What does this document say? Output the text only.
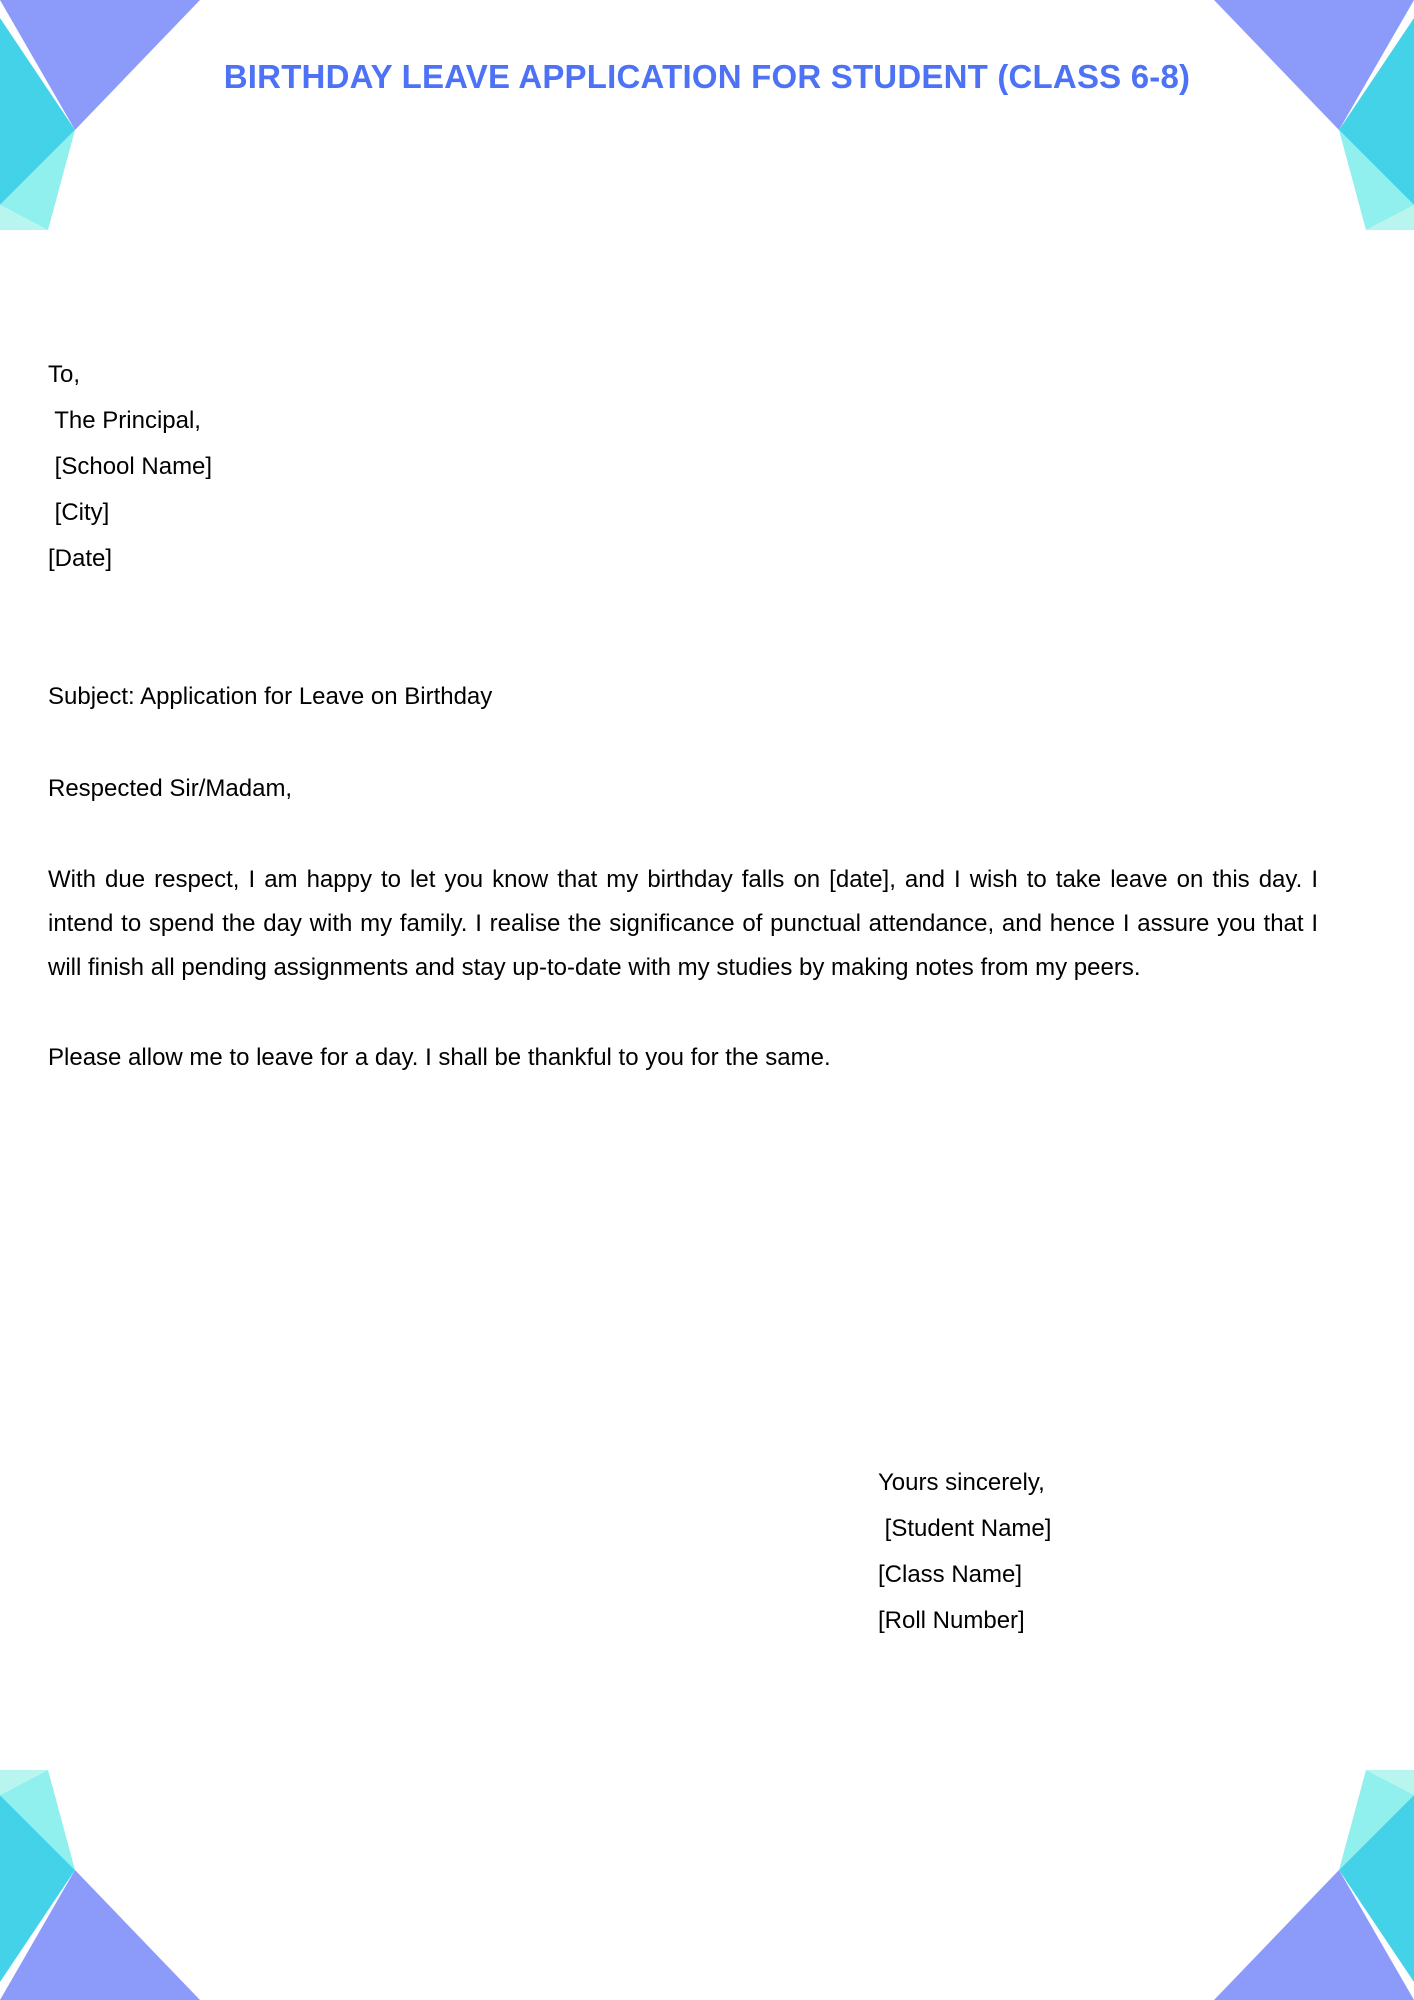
BIRTHDAY LEAVE APPLICATION FOR STUDENT (CLASS 6-8)
To,
The Principal,
[School Name]
[City]
[Date]
Subject: Application for Leave on Birthday
Respected Sir/Madam,

With due respect, I am happy to let you know that my birthday falls on [date], and I wish to take leave on this day. I intend to spend the day with my family. I realise the significance of punctual attendance, and hence I assure you that I will finish all pending assignments and stay up-to-date with my studies by making notes from my peers.

Please allow me to leave for a day. I shall be thankful to you for the same.

Yours sincerely,
[Student Name]
[Class Name]
[Roll Number]
